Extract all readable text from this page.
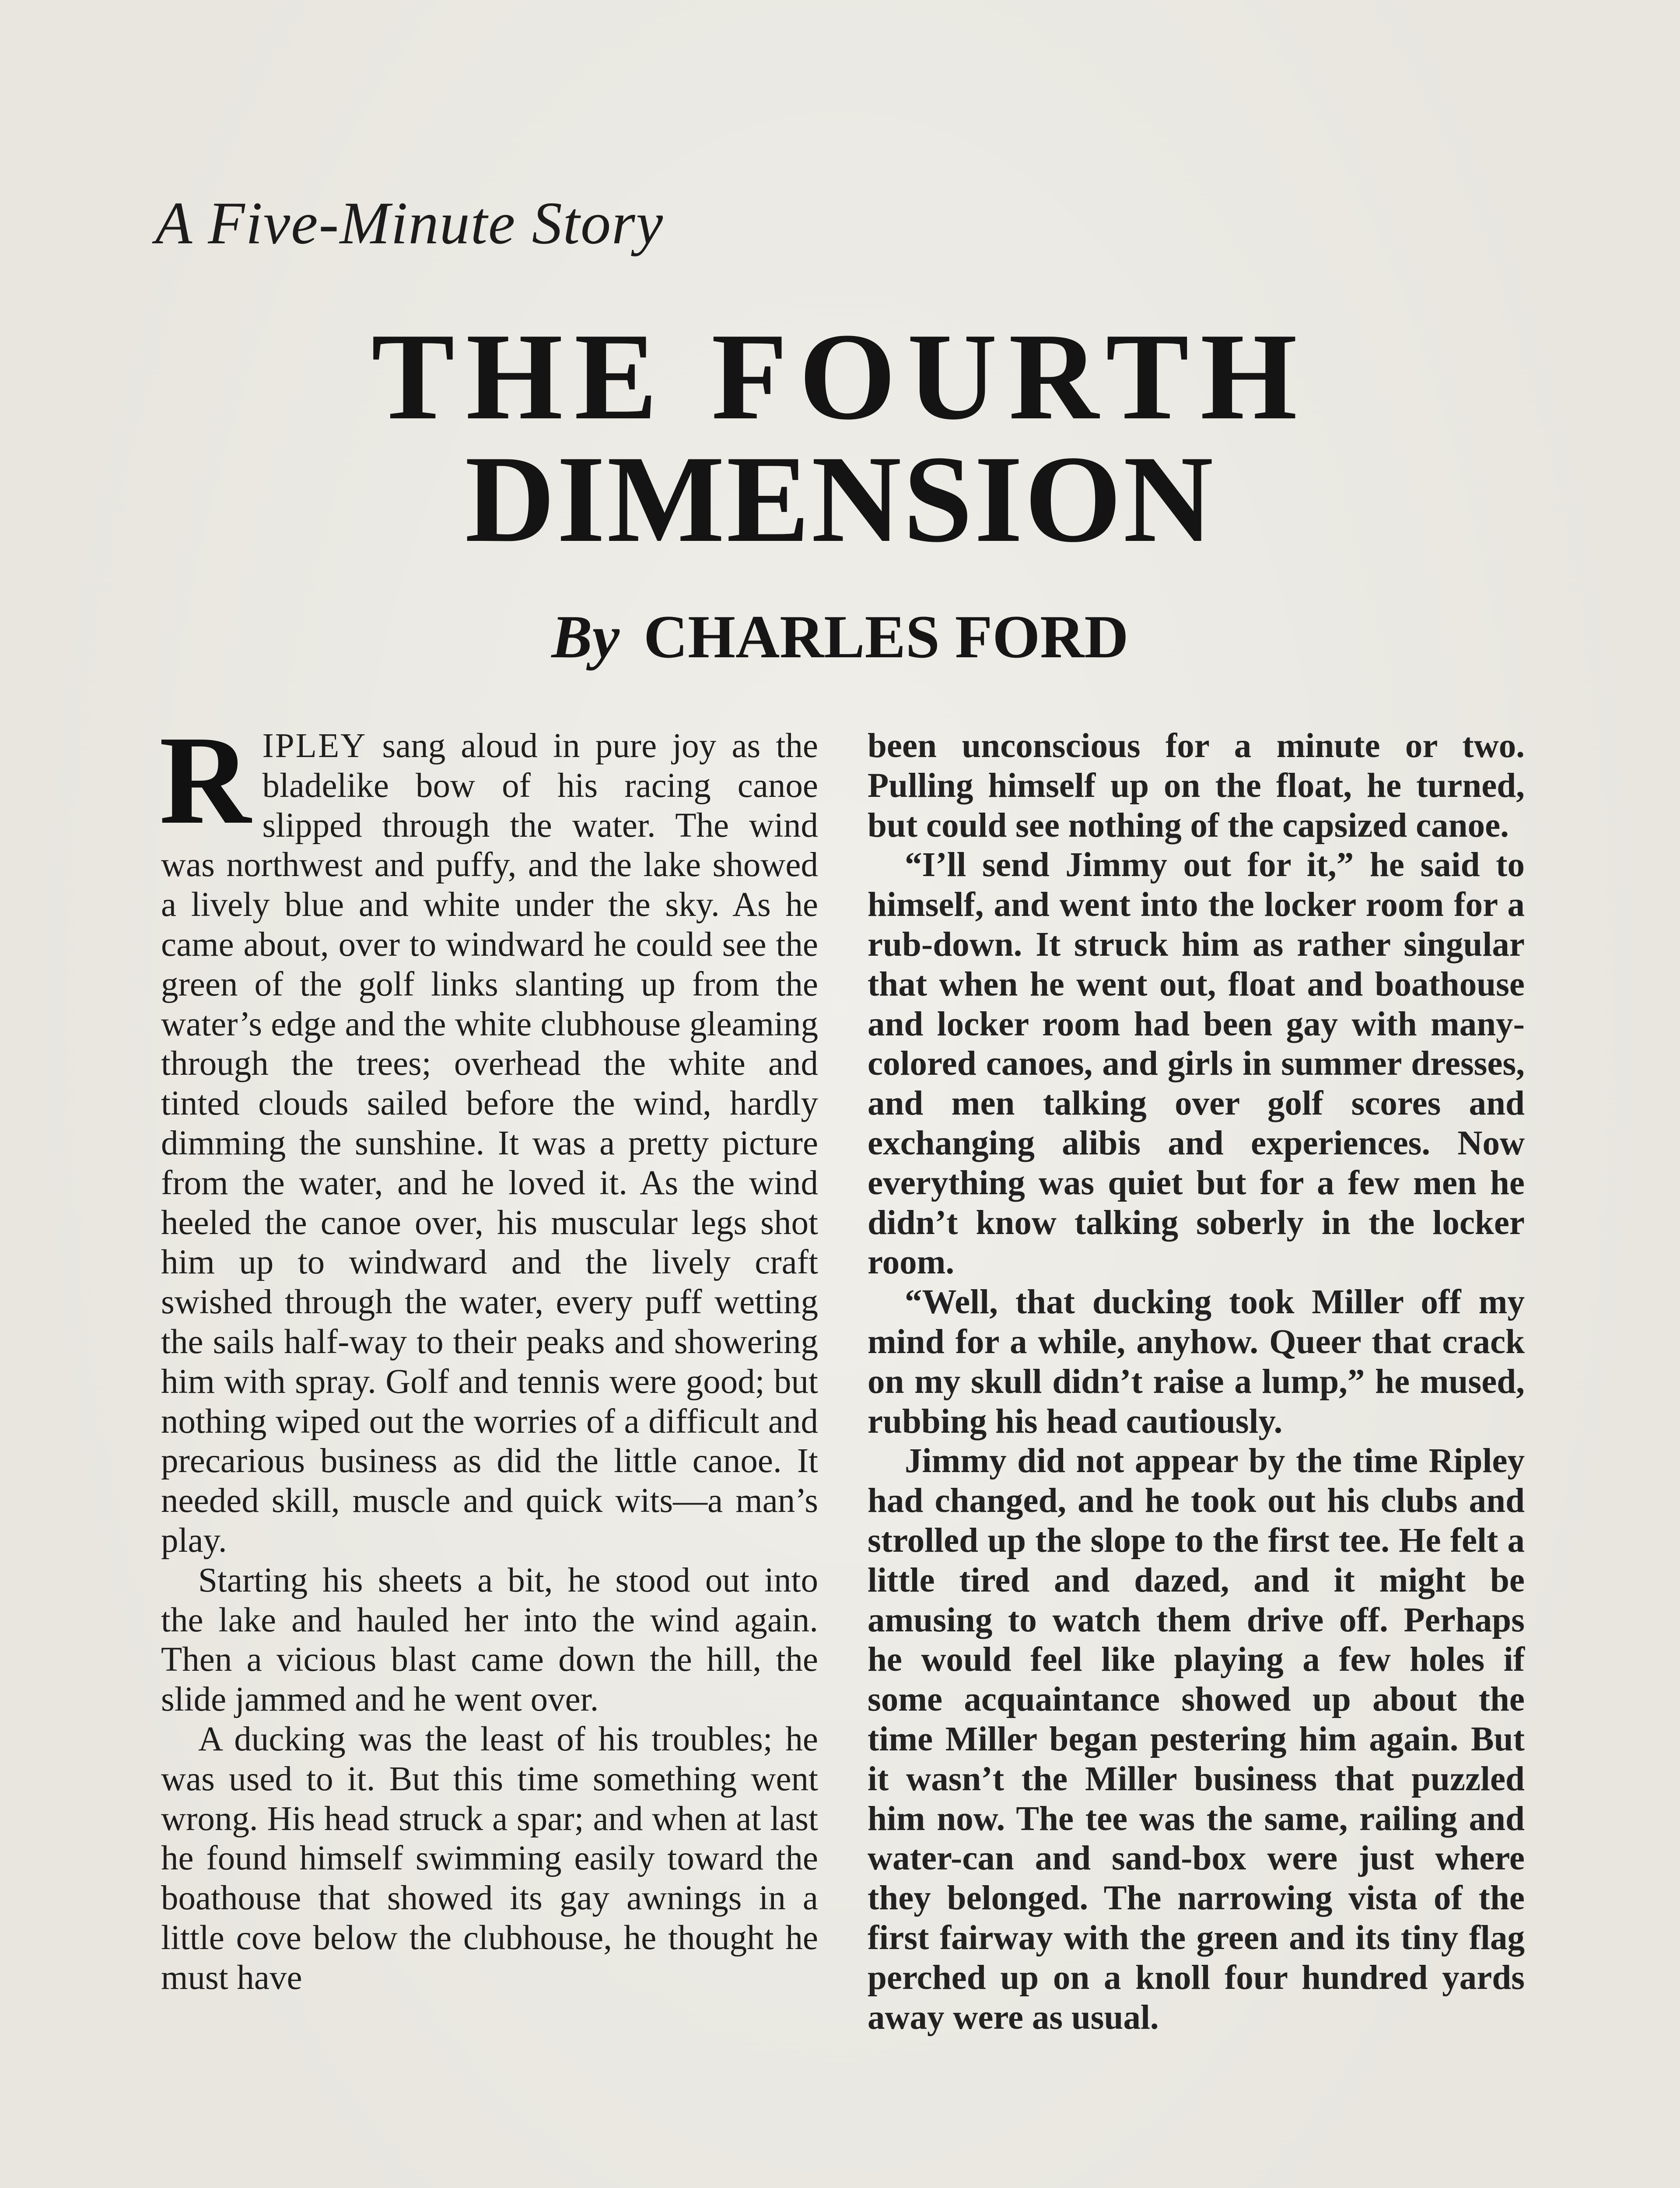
A Five-Minute Story
THE FOURTH
DIMENSION
By CHARLES FORD

RIPLEY sang aloud in pure joy as the bladelike bow of his racing canoe slipped through the water. The wind was northwest and puffy, and the lake showed a lively blue and white under the sky. As he came about, over to windward he could see the green of the golf links slanting up from the water’s edge and the white clubhouse gleaming through the trees; overhead the white and tinted clouds sailed before the wind, hardly dimming the sunshine. It was a pretty picture from the water, and he loved it. As the wind heeled the canoe over, his muscular legs shot him up to windward and the lively craft swished through the water, every puff wetting the sails half-way to their peaks and showering him with spray. Golf and tennis were good; but nothing wiped out the worries of a difficult and precarious business as did the little canoe. It needed skill, muscle and quick wits—a man’s play.

Starting his sheets a bit, he stood out into the lake and hauled her into the wind again. Then a vicious blast came down the hill, the slide jammed and he went over.

A ducking was the least of his troubles; he was used to it. But this time something went wrong. His head struck a spar; and when at last he found himself swimming easily toward the boathouse that showed its gay awnings in a little cove below the clubhouse, he thought he must have

been unconscious for a minute or two. Pulling himself up on the float, he turned, but could see nothing of the capsized canoe.

“I’ll send Jimmy out for it,” he said to himself, and went into the locker room for a rub-down. It struck him as rather singular that when he went out, float and boathouse and locker room had been gay with many-colored canoes, and girls in summer dresses, and men talking over golf scores and exchanging alibis and experiences. Now everything was quiet but for a few men he didn’t know talking soberly in the locker room.

“Well, that ducking took Miller off my mind for a while, anyhow. Queer that crack on my skull didn’t raise a lump,” he mused, rubbing his head cautiously.

Jimmy did not appear by the time Ripley had changed, and he took out his clubs and strolled up the slope to the first tee. He felt a little tired and dazed, and it might be amusing to watch them drive off. Perhaps he would feel like playing a few holes if some acquaintance showed up about the time Miller began pestering him again. But it wasn’t the Miller business that puzzled him now. The tee was the same, railing and water-can and sand-box were just where they belonged. The narrowing vista of the first fairway with the green and its tiny flag perched up on a knoll four hundred yards away were as usual.
